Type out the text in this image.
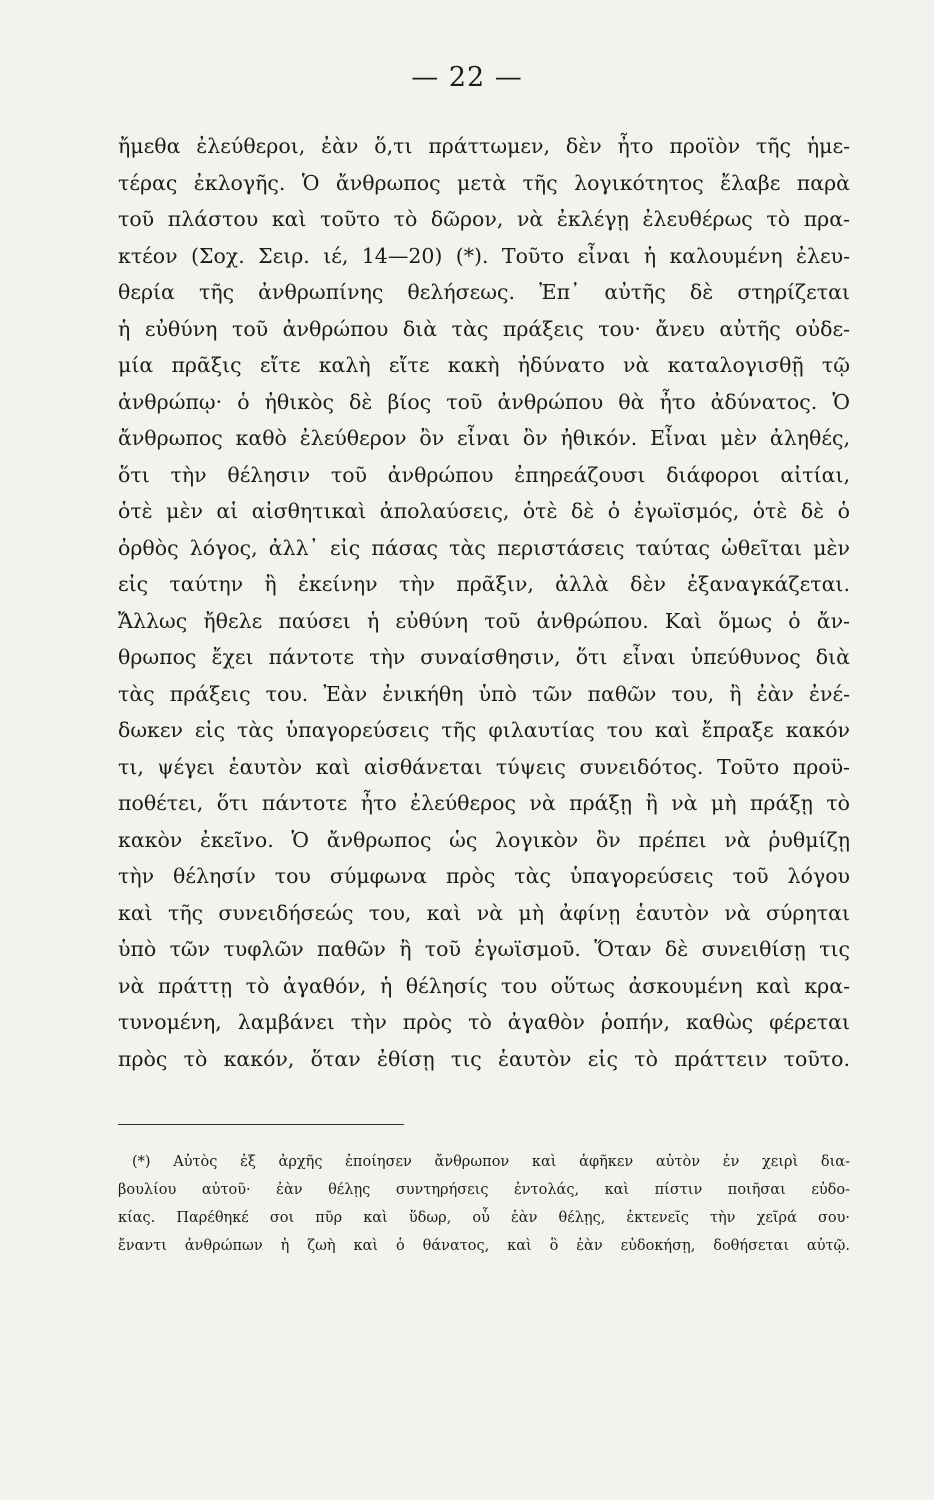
— 22 —
ἤμεθα ἐλεύθεροι, ἐὰν ὅ,τι πράττωμεν, δὲν ἦτο προϊὸν τῆς ἡμε-
τέρας ἐκλογῆς. Ὁ ἄνθρωπος μετὰ τῆς λογικότητος ἔλαβε παρὰ
τοῦ πλάστου καὶ τοῦτο τὸ δῶρον, νὰ ἐκλέγῃ ἐλευθέρως τὸ πρα-
κτέον (Σοχ. Σειρ. ιέ, 14—20) (*). Τοῦτο εἶναι ἡ καλουμένη ἐλευ-
θερία τῆς ἀνθρωπίνης θελήσεως. Ἐπ᾽ αὐτῆς δὲ στηρίζεται
ἡ εὐθύνη τοῦ ἀνθρώπου διὰ τὰς πράξεις του· ἄνευ αὐτῆς οὐδε-
μία πρᾶξις εἴτε καλὴ εἴτε κακὴ ἠδύνατο νὰ καταλογισθῇ τῷ
ἀνθρώπῳ· ὁ ἠθικὸς δὲ βίος τοῦ ἀνθρώπου θὰ ἦτο ἀδύνατος. Ὁ
ἄνθρωπος καθὸ ἐλεύθερον ὂν εἶναι ὂν ἠθικόν. Εἶναι μὲν ἀληθές,
ὅτι τὴν θέλησιν τοῦ ἀνθρώπου ἐπηρεάζουσι διάφοροι αἰτίαι,
ὁτὲ μὲν αἱ αἰσθητικαὶ ἀπολαύσεις, ὁτὲ δὲ ὁ ἐγωϊσμός, ὁτὲ δὲ ὁ
ὀρθὸς λόγος, ἀλλ᾽ εἰς πάσας τὰς περιστάσεις ταύτας ὠθεῖται μὲν
εἰς ταύτην ἢ ἐκείνην τὴν πρᾶξιν, ἀλλὰ δὲν ἐξαναγκάζεται.
Ἄλλως ἤθελε παύσει ἡ εὐθύνη τοῦ ἀνθρώπου. Καὶ ὅμως ὁ ἄν-
θρωπος ἔχει πάντοτε τὴν συναίσθησιν, ὅτι εἶναι ὑπεύθυνος διὰ
τὰς πράξεις του. Ἐὰν ἐνικήθη ὑπὸ τῶν παθῶν του, ἢ ἐὰν ἐνέ-
δωκεν εἰς τὰς ὑπαγορεύσεις τῆς φιλαυτίας του καὶ ἔπραξε κακόν
τι, ψέγει ἑαυτὸν καὶ αἰσθάνεται τύψεις συνειδότος. Τοῦτο προϋ-
ποθέτει, ὅτι πάντοτε ἦτο ἐλεύθερος νὰ πράξῃ ἢ νὰ μὴ πράξῃ τὸ
κακὸν ἐκεῖνο. Ὁ ἄνθρωπος ὡς λογικὸν ὂν πρέπει νὰ ῥυθμίζῃ
τὴν θέλησίν του σύμφωνα πρὸς τὰς ὑπαγορεύσεις τοῦ λόγου
καὶ τῆς συνειδήσεώς του, καὶ νὰ μὴ ἀφίνῃ ἑαυτὸν νὰ σύρηται
ὑπὸ τῶν τυφλῶν παθῶν ἢ τοῦ ἐγωϊσμοῦ. Ὅταν δὲ συνειθίσῃ τις
νὰ πράττῃ τὸ ἀγαθόν, ἡ θέλησίς του οὕτως ἀσκουμένη καὶ κρα-
τυνομένη, λαμβάνει τὴν πρὸς τὸ ἀγαθὸν ῥοπήν, καθὼς φέρεται
πρὸς τὸ κακόν, ὅταν ἐθίσῃ τις ἑαυτὸν εἰς τὸ πράττειν τοῦτο.
(*) Αὐτὸς ἐξ ἀρχῆς ἐποίησεν ἄνθρωπον καὶ ἀφῆκεν αὐτὸν ἐν χειρὶ δια-
βουλίου αὐτοῦ· ἐὰν θέλῃς συντηρήσεις ἐντολάς, καὶ πίστιν ποιῆσαι εὐδο-
κίας. Παρέθηκέ σοι πῦρ καὶ ὕδωρ, οὗ ἐὰν θέλῃς, ἐκτενεῖς τὴν χεῖρά σου·
ἔναντι ἀνθρώπων ἡ ζωὴ καὶ ὁ θάνατος, καὶ ὃ ἐὰν εὐδοκήσῃ, δοθήσεται αὐτῷ.
